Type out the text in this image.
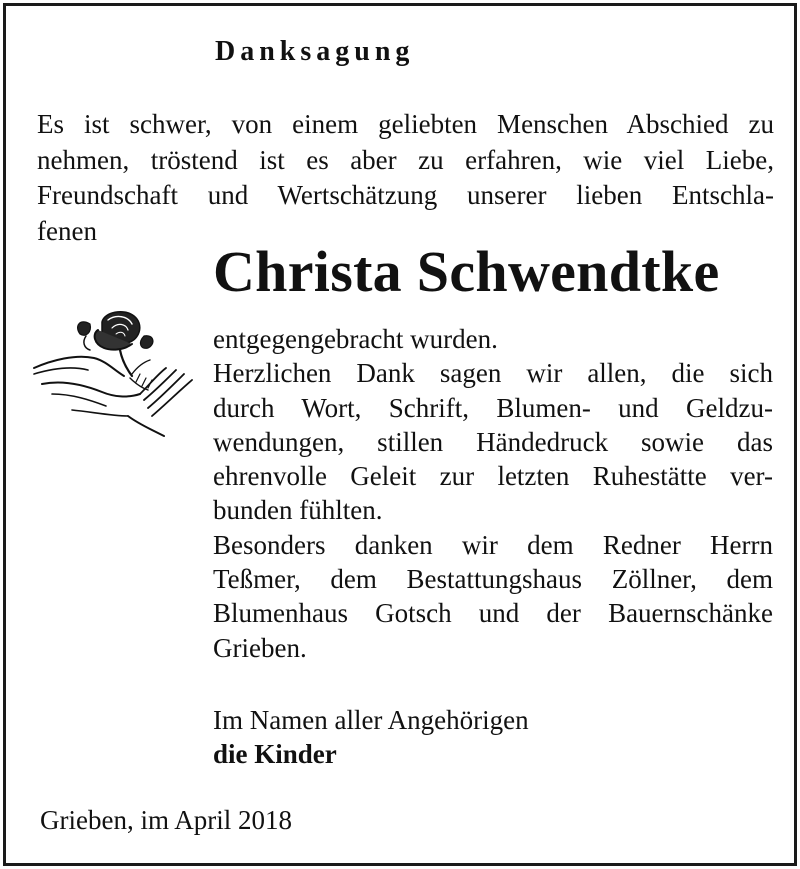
Danksagung
Es ist schwer, von einem geliebten Menschen Abschied zu
nehmen, tröstend ist es aber zu erfahren, wie viel Liebe,
Freundschaft und Wertschätzung unserer lieben Entschla-
fenen
Christa Schwendtke
entgegengebracht wurden.
Herzlichen Dank sagen wir allen, die sich
durch Wort, Schrift, Blumen- und Geldzu-
wendungen, stillen Händedruck sowie das
ehrenvolle Geleit zur letzten Ruhestätte ver-
bunden fühlten.
Besonders danken wir dem Redner Herrn
Teßmer, dem Bestattungshaus Zöllner, dem
Blumenhaus Gotsch und der Bauernschänke
Grieben.
Im Namen aller Angehörigen
die Kinder
Grieben, im April 2018
